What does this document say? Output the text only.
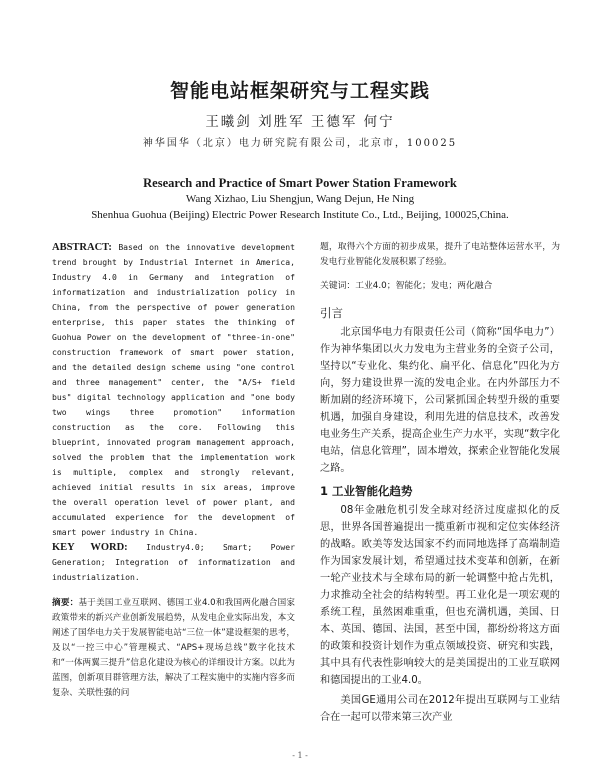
智能电站框架研究与工程实践
王曦剑 刘胜军 王德军 何宁
神华国华（北京）电力研究院有限公司，北京市，100025
Research and Practice of Smart Power Station Framework
Wang Xizhao, Liu Shengjun, Wang Dejun, He Ning
Shenhua Guohua (Beijing) Electric Power Research Institute Co., Ltd., Beijing, 100025,China.
ABSTRACT: Based on the innovative development trend brought by Industrial Internet in America, Industry 4.0 in Germany and integration of informatization and industrialization policy in China, from the perspective of power generation enterprise, this paper states the thinking of Guohua Power on the development of "three-in-one" construction framework of smart power station, and the detailed design scheme using "one control and three management" center, the "A/S+ field bus" digital technology application and "one body two wings three promotion" information construction as the core. Following this blueprint, innovated program management approach, solved the problem that the implementation work is multiple, complex and strongly relevant, achieved initial results in six areas, improve the overall operation level of power plant, and accumulated experience for the development of smart power industry in China.
KEY WORD: Industry4.0; Smart; Power Generation; Integration of informatization and industrialization.
摘要：基于美国工业互联网、德国工业4.0和我国两化融合国家政策带来的新兴产业创新发展趋势，从发电企业实际出发，本文阐述了国华电力关于发展智能电站“三位一体”建设框架的思考，及以“一控三中心”管理模式、“APS+现场总线”数字化技术和“一体两翼三提升”信息化建设为核心的详细设计方案。以此为蓝图，创新项目群管理方法，解决了工程实施中的实施内容多而复杂、关联性强的问
题，取得六个方面的初步成果，提升了电站整体运营水平，为发电行业智能化发展积累了经验。
关键词：工业4.0；智能化；发电；两化融合
引言
北京国华电力有限责任公司（简称“国华电力”）作为神华集团以火力发电为主营业务的全资子公司，坚持以“专业化、集约化、扁平化、信息化”四化为方向，努力建设世界一流的发电企业。在内外部压力不断加剧的经济环境下，公司紧抓国企转型升级的重要机遇，加强自身建设，利用先进的信息技术，改善发电业务生产关系，提高企业生产力水平，实现“数字化电站，信息化管理”，固本增效，探索企业智能化发展之路。
1 工业智能化趋势
08年金融危机引发全球对经济过度虚拟化的反思，世界各国普遍提出一揽重新市视和定位实体经济的战略。欧美等发达国家不约而同地选择了高端制造作为国家发展计划，希望通过技术变革和创新，在新一轮产业技术与全球布局的新一轮调整中抢占先机，力求推动全社会的结构转型。再工业化是一项宏观的系统工程，虽然困难重重，但也充满机遇，美国、日本、英国、德国、法国，甚至中国，都纷纷将这方面的政策和投资计划作为重点领域投资、研究和实践，其中具有代表性影响较大的是美国提出的工业互联网和德国提出的工业4.0。
美国GE通用公司在2012年提出互联网与工业结合在一起可以带来第三次产业
- 1 -
